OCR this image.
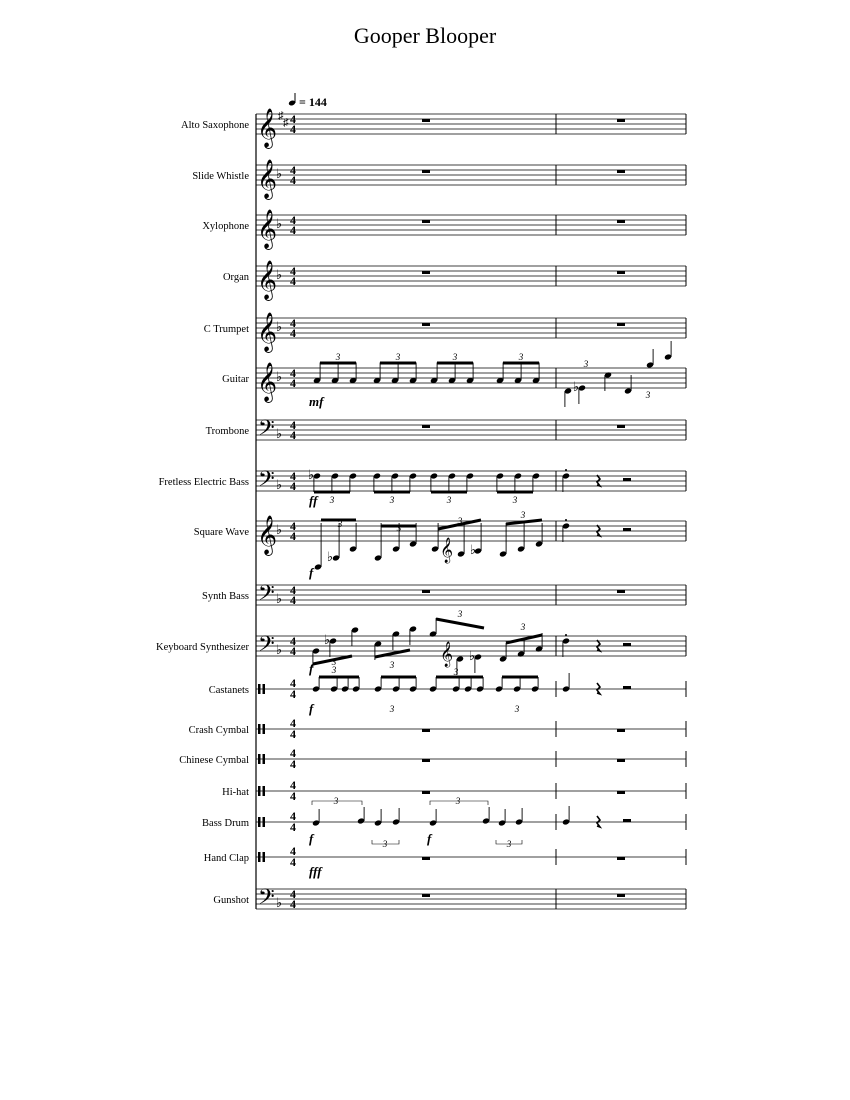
Gooper Blooper
= 144
Alto Saxophone 𝄞 ♯
♯ 4
4
Slide Whistle 𝄞
♭ 4
4
Xylophone 𝄞
♭ 4
4
Organ 𝄞
♭ 4
4
C Trumpet 𝄞
♭ 4
4
Guitar 𝄞
♭ 4
4
mf
3	3	3	3
♭
3
3
Trombone 𝄢 ♭
4
4
Fretless Electric Bass 𝄢 ♭
4
4
ff 3	3	3	3
♭
Square Wave 𝄞
♭ 4
4
f
3	3
3
3
𝄞
♭	♭
Synth Bass 𝄢 ♭
4
4
Keyboard Synthesizer 𝄢 ♭
4
4
f	3
3
3
𝄞
♭
♭
Castanets
4
4
f
3
3
3
3
3
Crash Cymbal
4
4
Chinese Cymbal
4
4
Hi-hat
4
4
Bass Drum
4
4
f	f
3	3
3	3
Hand Clap
4
4
fff
Gunshot 𝄢 ♭
4
4
